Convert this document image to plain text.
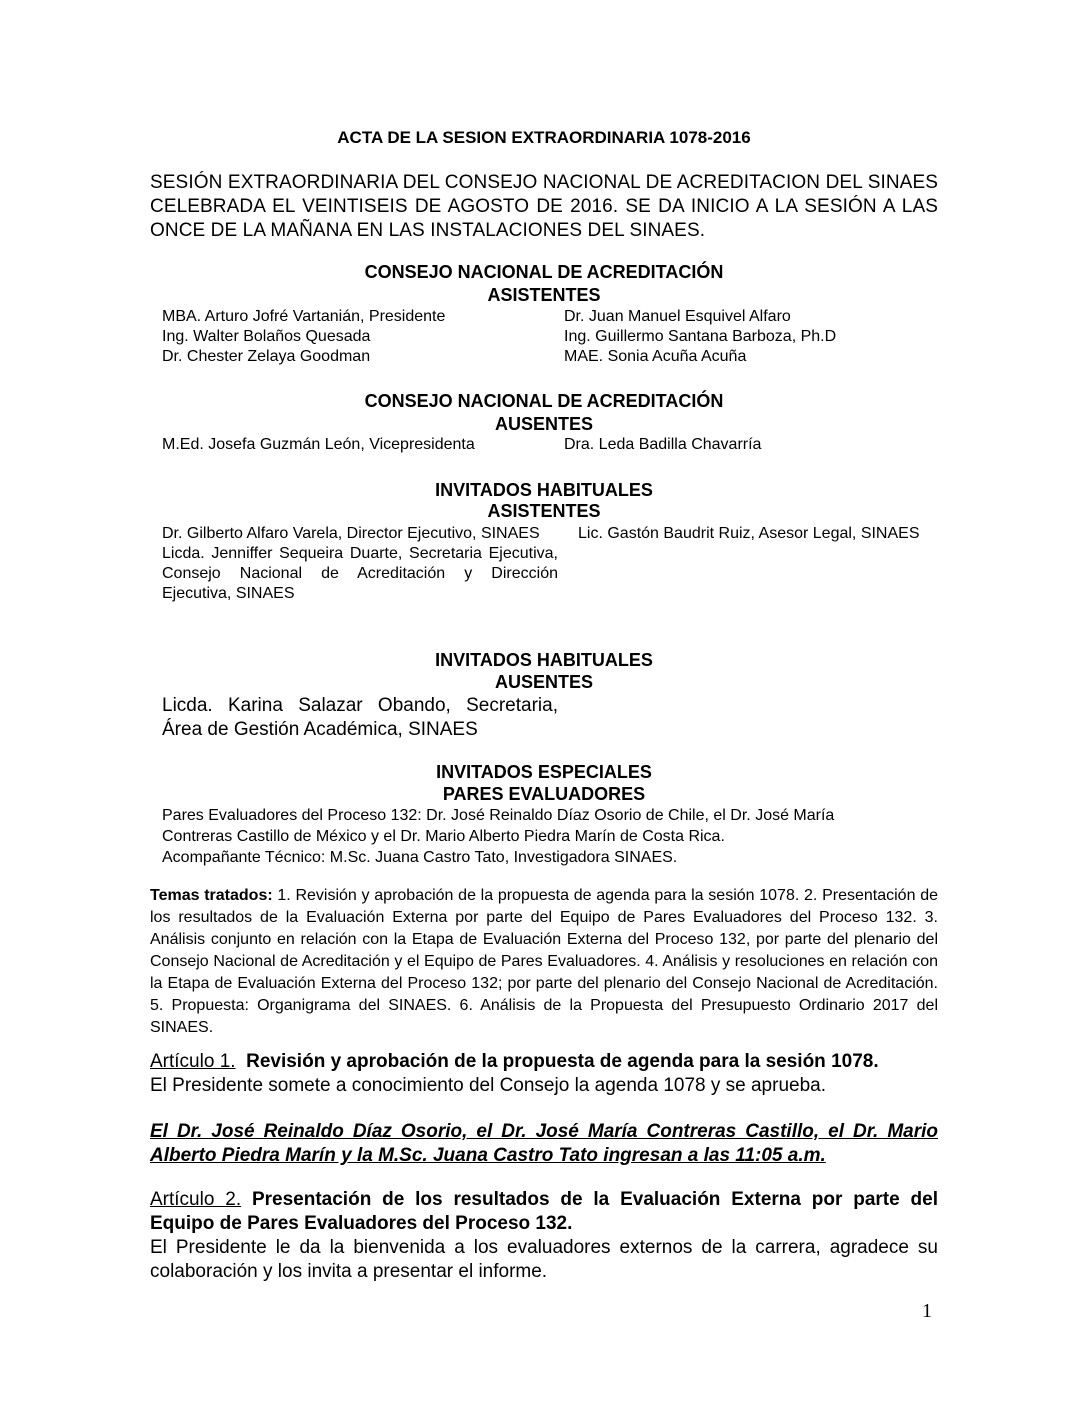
ACTA DE LA SESION EXTRAORDINARIA 1078-2016

SESIÓN EXTRAORDINARIA DEL CONSEJO NACIONAL DE ACREDITACION DEL SINAES CELEBRADA EL VEINTISEIS DE AGOSTO DE 2016. SE DA INICIO A LA SESIÓN A LAS ONCE DE LA MAÑANA EN LAS INSTALACIONES DEL SINAES.

CONSEJO NACIONAL DE ACREDITACIÓN
ASISTENTES
MBA. Arturo Jofré Vartanián, Presidente
Ing. Walter Bolaños Quesada
Dr. Chester Zelaya Goodman
Dr. Juan Manuel Esquivel Alfaro
Ing. Guillermo Santana Barboza, Ph.D
MAE. Sonia Acuña Acuña
CONSEJO NACIONAL DE ACREDITACIÓN
AUSENTES
M.Ed. Josefa Guzmán León, Vicepresidenta	Dra. Leda Badilla Chavarría
INVITADOS HABITUALES
ASISTENTES
Dr. Gilberto Alfaro Varela, Director Ejecutivo, SINAES
Licda. Jenniffer Sequeira Duarte, Secretaria Ejecutiva, Consejo Nacional de Acreditación y Dirección Ejecutiva, SINAES
Lic. Gastón Baudrit Ruiz, Asesor Legal, SINAES
INVITADOS HABITUALES
AUSENTES
Licda. Karina Salazar Obando, Secretaria,
Área de Gestión Académica, SINAES
INVITADOS ESPECIALES
PARES EVALUADORES
Pares Evaluadores del Proceso 132: Dr. José Reinaldo Díaz Osorio de Chile, el Dr. José María
Contreras Castillo de México y el Dr. Mario Alberto Piedra Marín de Costa Rica.
Acompañante Técnico: M.Sc. Juana Castro Tato, Investigadora SINAES.

Temas tratados: 1. Revisión y aprobación de la propuesta de agenda para la sesión 1078. 2. Presentación de los resultados de la Evaluación Externa por parte del Equipo de Pares Evaluadores del Proceso 132. 3. Análisis conjunto en relación con la Etapa de Evaluación Externa del Proceso 132, por parte del plenario del Consejo Nacional de Acreditación y el Equipo de Pares Evaluadores. 4. Análisis y resoluciones en relación con la Etapa de Evaluación Externa del Proceso 132; por parte del plenario del Consejo Nacional de Acreditación. 5. Propuesta: Organigrama del SINAES. 6. Análisis de la Propuesta del Presupuesto Ordinario 2017 del SINAES.

Artículo 1. Revisión y aprobación de la propuesta de agenda para la sesión 1078.

El Presidente somete a conocimiento del Consejo la agenda 1078 y se aprueba.

El Dr. José Reinaldo Díaz Osorio, el Dr. José María Contreras Castillo, el Dr. Mario Alberto Piedra Marín y la M.Sc. Juana Castro Tato ingresan a las 11:05 a.m.

Artículo 2. Presentación de los resultados de la Evaluación Externa por parte del Equipo de Pares Evaluadores del Proceso 132.

El Presidente le da la bienvenida a los evaluadores externos de la carrera, agradece su colaboración y los invita a presentar el informe.

1
